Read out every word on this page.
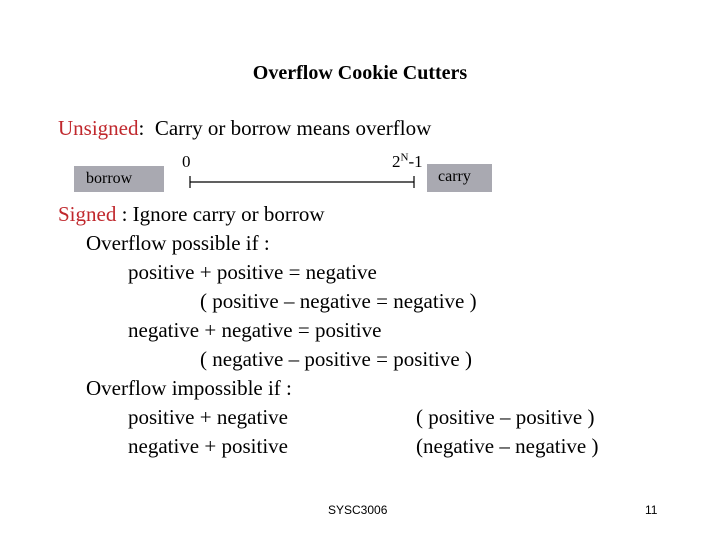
Overflow Cookie Cutters
Unsigned: Carry or borrow means overflow
borrow	carry
0	$2^N-1$
Signed : Ignore carry or borrow
Overflow possible if :
positive + positive = negative
( positive – negative = negative )
negative + negative = positive
( negative – positive = positive )
Overflow impossible if :
positive + negative	( positive – positive )
negative + positive	(negative – negative )
SYSC3006	11
